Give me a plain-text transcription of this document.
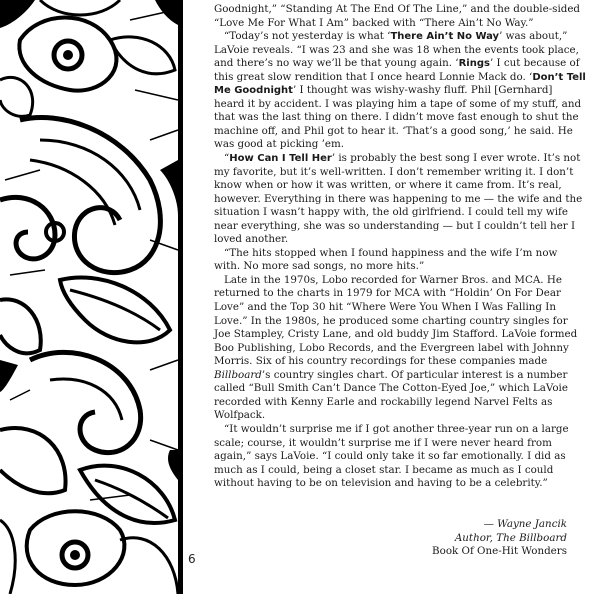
6

Goodnight,” “Standing At The End Of The Line,” and the double-sided “Love Me For What I Am” backed with “There Ain’t No Way.”

“Today’s not yesterday is what ‘There Ain’t No Way’ was about,” LaVoie reveals. “I was 23 and she was 18 when the events took place, and there’s no way we’ll be that young again. ‘Rings’ I cut because of this great slow rendition that I once heard Lonnie Mack do. ‘Don’t Tell Me Goodnight’ I thought was wishy-washy fluff. Phil [Gernhard] heard it by accident. I was playing him a tape of some of my stuff, and that was the last thing on there. I didn’t move fast enough to shut the machine off, and Phil got to hear it. ‘That’s a good song,’ he said. He was good at picking ’em.

“How Can I Tell Her’ is probably the best song I ever wrote. It’s not my favorite, but it’s well-written. I don’t remember writing it. I don’t know when or how it was written, or where it came from. It’s real, however. Everything in there was happening to me — the wife and the situation I wasn’t happy with, the old girlfriend. I could tell my wife near everything, she was so understanding — but I couldn’t tell her I loved another.

“The hits stopped when I found happiness and the wife I’m now with. No more sad songs, no more hits.”

Late in the 1970s, Lobo recorded for Warner Bros. and MCA. He returned to the charts in 1979 for MCA with “Holdin’ On For Dear Love” and the Top 30 hit “Where Were You When I Was Falling In Love.” In the 1980s, he produced some charting country singles for Joe Stampley, Cristy Lane, and old buddy Jim Stafford. LaVoie formed Boo Publishing, Lobo Records, and the Evergreen label with Johnny Morris. Six of his country recordings for these companies made Billboard’s country singles chart. Of particular interest is a number called “Bull Smith Can’t Dance The Cotton-Eyed Joe,” which LaVoie recorded with Kenny Earle and rockabilly legend Narvel Felts as Wolfpack.

“It wouldn’t surprise me if I got another three-year run on a large scale; course, it wouldn’t surprise me if I were never heard from again,” says LaVoie. “I could only take it so far emotionally. I did as much as I could, being a closet star. I became as much as I could without having to be on television and having to be a celebrity.”

— Wayne Jancik
Author, The Billboard
Book Of One-Hit Wonders
